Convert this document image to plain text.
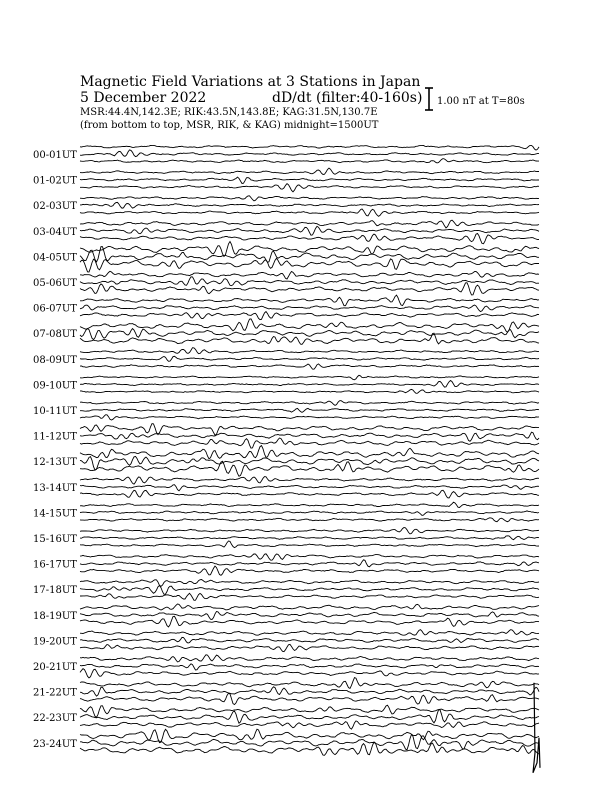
Magnetic Field Variations at 3 Stations in Japan
5 December 2022	dD/dt (filter:40-160s)
MSR:44.4N,142.3E; RIK:43.5N,143.8E; KAG:31.5N,130.7E
(from bottom to top, MSR, RIK, & KAG) midnight=1500UT
1.00 nT at T=80s
00-01UT
01-02UT
02-03UT
03-04UT
04-05UT
05-06UT
06-07UT
07-08UT
08-09UT
09-10UT
10-11UT
11-12UT
12-13UT
13-14UT
14-15UT
15-16UT
16-17UT
17-18UT
18-19UT
19-20UT
20-21UT
21-22UT
22-23UT
23-24UT
